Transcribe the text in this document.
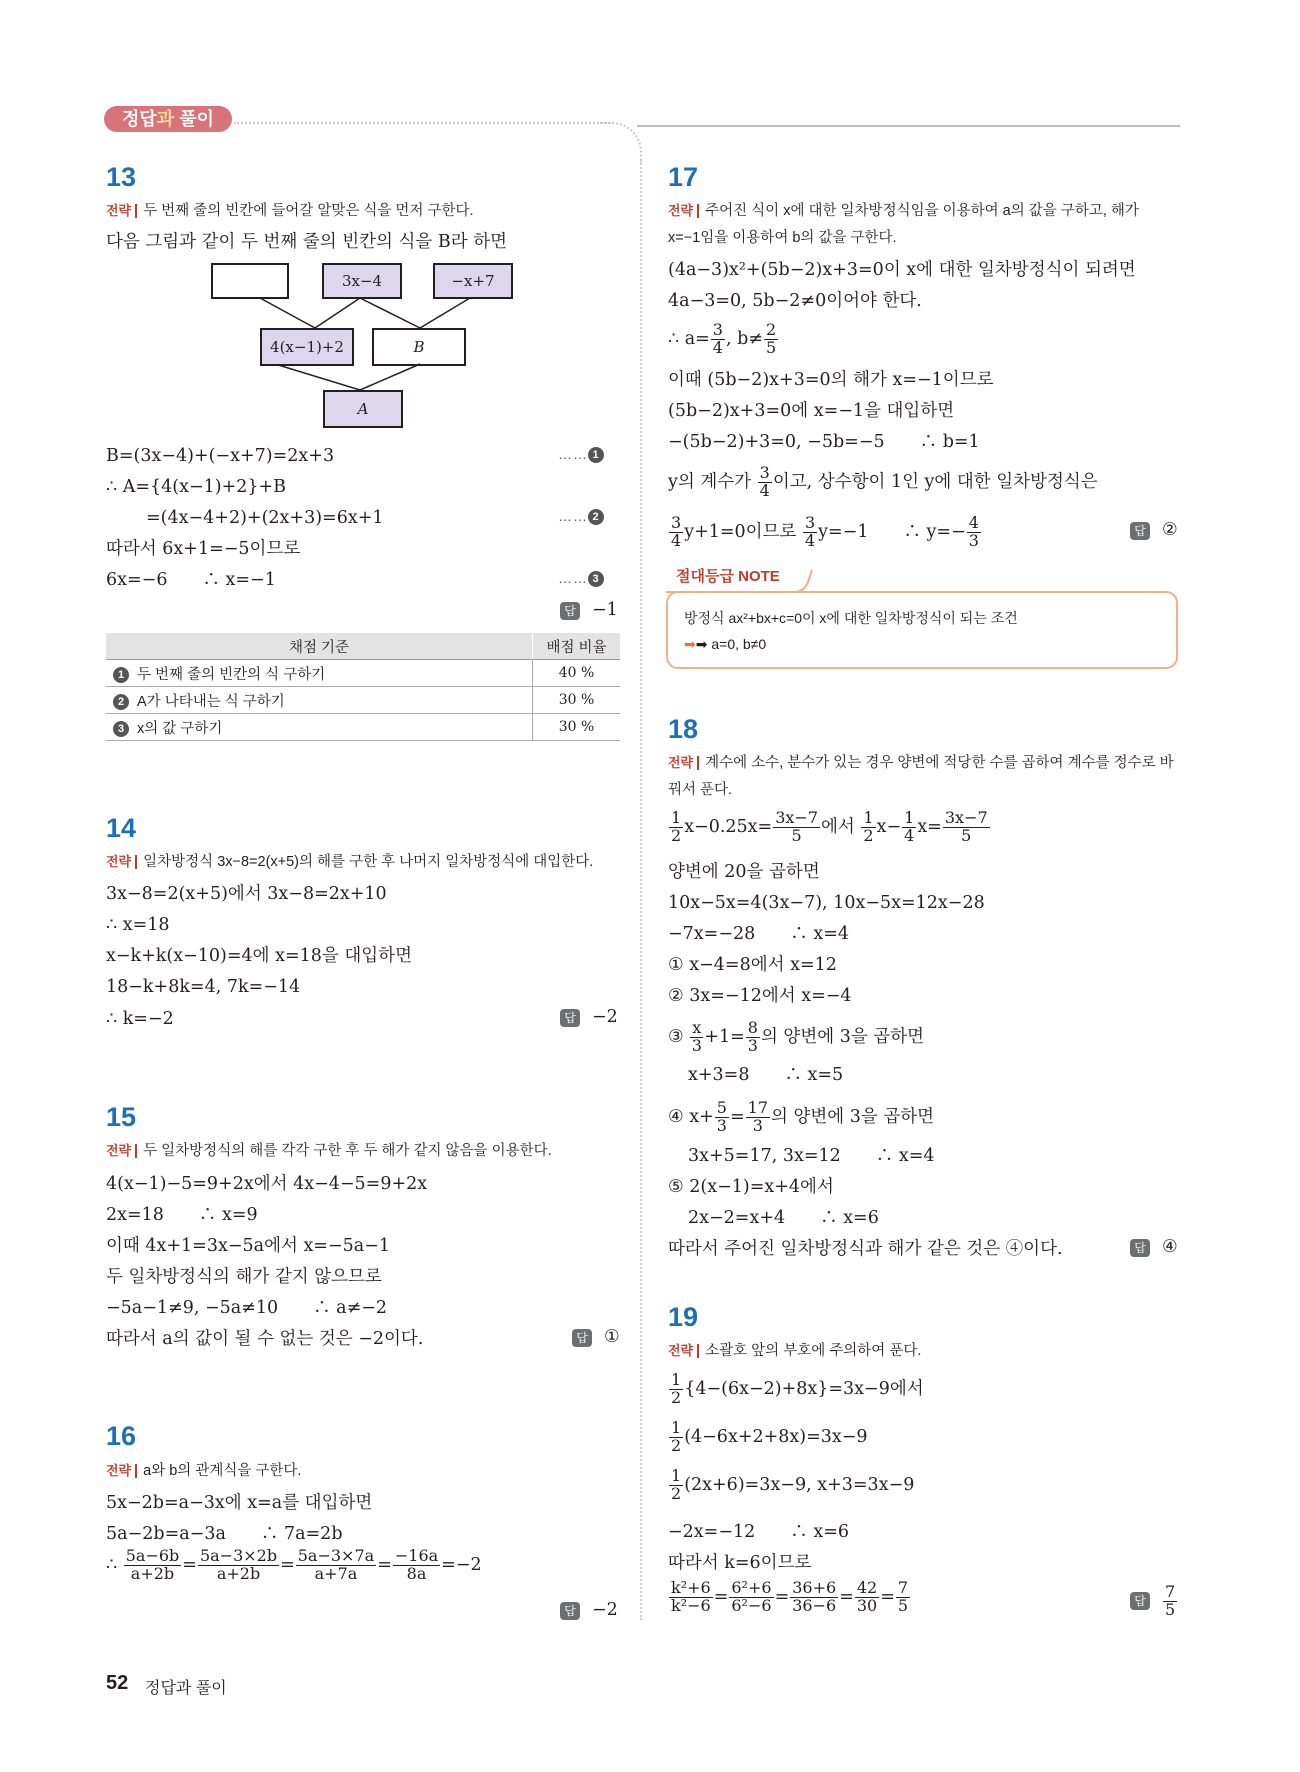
정답과 풀이
13
전략 두 번째 줄의 빈칸에 들어갈 알맞은 식을 먼저 구한다.
다음 그림과 같이 두 번째 줄의 빈칸의 식을 B라 하면
3x−4	−x+7
4(x−1)+2	B
A
B=(3x−4)+(−x+7)=2x+3	…… 1
∴ A={4(x−1)+2}+B
=(4x−4+2)+(2x+3)=6x+1	…… 2
따라서 6x+1=−5이므로
6x=−6　　∴ x=−1	…… 3
답 −1
채점 기준	배점 비율
1 두 번째 줄의 빈칸의 식 구하기	40 %
2 A가 나타내는 식 구하기	30 %
3 x의 값 구하기	30 %
14
전략 일차방정식 3x−8=2(x+5)의 해를 구한 후 나머지 일차방정식에 대입한다.
3x−8=2(x+5)에서 3x−8=2x+10
∴ x=18
x−k+k(x−10)=4에 x=18을 대입하면
18−k+8k=4, 7k=−14
∴ k=−2	답 −2
15
전략 두 일차방정식의 해를 각각 구한 후 두 해가 같지 않음을 이용한다.
4(x−1)−5=9+2x에서 4x−4−5=9+2x
2x=18　　∴ x=9
이때 4x+1=3x−5a에서 x=−5a−1
두 일차방정식의 해가 같지 않으므로
−5a−1≠9, −5a≠10　　∴ a≠−2
따라서 a의 값이 될 수 없는 것은 −2이다.	답 ①
16
전략 a와 b의 관계식을 구한다.
5x−2b=a−3x에 x=a를 대입하면
5a−2b=a−3a　　∴ 7a=2b
∴ $\frac{5a-6b}{a+2b} = \frac{5a-3\times 2b}{a+2b} = \frac{5a-3\times 7a}{a+7a} = \frac{-16a}{8a} =-2$
답 −2
17
전략 주어진 식이 x에 대한 일차방정식임을 이용하여 a의 값을 구하고, 해가
x=−1임을 이용하여 b의 값을 구한다.
(4a−3)x²+(5b−2)x+3=0이 x에 대한 일차방정식이 되려면
4a−3=0, 5b−2≠0이어야 한다.
∴ $a= \frac{3}{4}$ , $b\ne \frac{2}{5}$
이때 (5b−2)x+3=0의 해가 x=−1이므로
(5b−2)x+3=0에 x=−1을 대입하면
−(5b−2)+3=0, −5b=−5　　∴ b=1
y의 계수가 $\frac{3}{4}$ 이고, 상수항이 1인 y에 대한 일차방정식은
$\frac{3}{4} y+1=0$이므로 $\frac{3}{4} y=-1$　　∴ $y=- \frac{4}{3}$	답 ②
절대등급 NOTE
방정식 ax²+bx+c=0이 x에 대한 일차방정식이 되는 조건
➡➡ a=0, b≠0
18
전략 계수에 소수, 분수가 있는 경우 양변에 적당한 수를 곱하여 계수를 정수로 바
꿔서 푼다.
$\frac{1}{2} x-0.25x= \frac{3x-7}{5}$ 에서 $\frac{1}{2} x- \frac{1}{4} x= \frac{3x-7}{5}$
양변에 20을 곱하면
10x−5x=4(3x−7), 10x−5x=12x−28
−7x=−28　　∴ x=4
① x−4=8에서 x=12
② 3x=−12에서 x=−4
③ $\frac{x}{3} +1= \frac{8}{3}$ 의 양변에 3을 곱하면
x+3=8　　∴ x=5
④ $x+ \frac{5}{3} = \frac{17}{3}$ 의 양변에 3을 곱하면
3x+5=17, 3x=12　　∴ x=4
⑤ 2(x−1)=x+4에서
2x−2=x+4　　∴ x=6
따라서 주어진 일차방정식과 해가 같은 것은 ④이다.	답 ④
19
전략 소괄호 앞의 부호에 주의하여 푼다.
$\frac{1}{2} \{4-(6x-2)+8x\}=3x-9$에서
$\frac{1}{2} (4-6x+2+8x)=3x-9$
$\frac{1}{2} (2x+6)=3x-9$, x+3=3x−9
−2x=−12　　∴ x=6
따라서 k=6이므로
$\frac{\text{k²+6}}{\text{k²−6}} = \frac{\text{6²+6}}{\text{6²−6}} = \frac{36+6}{36-6} = \frac{42}{30} = \frac{7}{5}$	답 $\frac{7}{5}$
52 정답과 풀이
